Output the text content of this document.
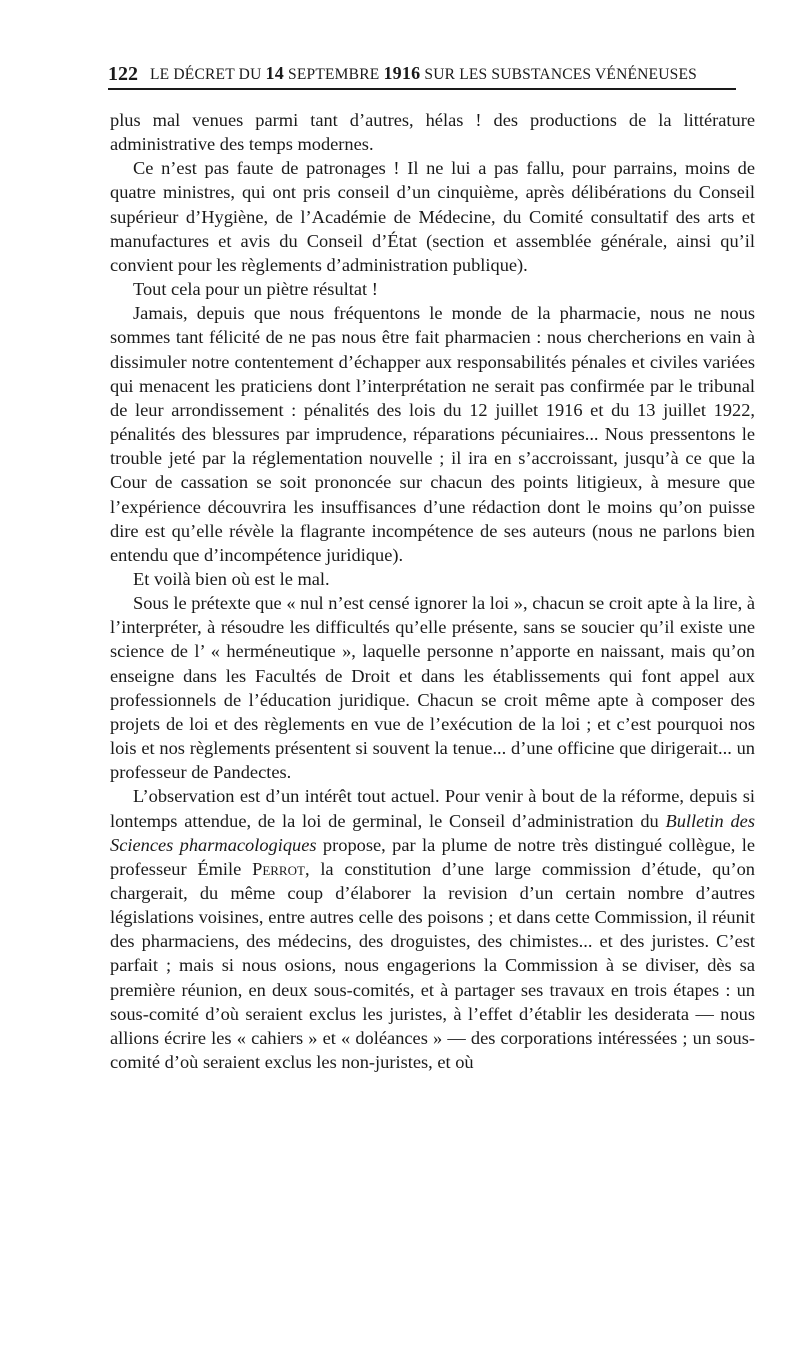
122 LE DÉCRET DU 14 SEPTEMBRE 1916 SUR LES SUBSTANCES VÉNÉNEUSES

plus mal venues parmi tant d’autres, hélas ! des productions de la littérature administrative des temps modernes.

Ce n’est pas faute de patronages ! Il ne lui a pas fallu, pour parrains, moins de quatre ministres, qui ont pris conseil d’un cinquième, après délibérations du Conseil supérieur d’Hygiène, de l’Académie de Médecine, du Comité consultatif des arts et manufactures et avis du Conseil d’État (section et assemblée générale, ainsi qu’il convient pour les règlements d’administration publique).

Tout cela pour un piètre résultat !

Jamais, depuis que nous fréquentons le monde de la pharmacie, nous ne nous sommes tant félicité de ne pas nous être fait pharmacien : nous chercherions en vain à dissimuler notre contentement d’échapper aux responsabilités pénales et civiles variées qui menacent les praticiens dont l’interprétation ne serait pas confirmée par le tribunal de leur arrondissement : pénalités des lois du 12 juillet 1916 et du 13 juillet 1922, pénalités des blessures par imprudence, réparations pécuniaires... Nous pressentons le trouble jeté par la réglementation nouvelle ; il ira en s’accroissant, jusqu’à ce que la Cour de cassation se soit prononcée sur chacun des points litigieux, à mesure que l’expérience découvrira les insuffisances d’une rédaction dont le moins qu’on puisse dire est qu’elle révèle la flagrante incompétence de ses auteurs (nous ne parlons bien entendu que d’incompétence juridique).

Et voilà bien où est le mal.

Sous le prétexte que « nul n’est censé ignorer la loi », chacun se croit apte à la lire, à l’interpréter, à résoudre les difficultés qu’elle présente, sans se soucier qu’il existe une science de l’ « herméneutique », laquelle personne n’apporte en naissant, mais qu’on enseigne dans les Facultés de Droit et dans les établissements qui font appel aux professionnels de l’éducation juridique. Chacun se croit même apte à composer des projets de loi et des règlements en vue de l’exécution de la loi ; et c’est pourquoi nos lois et nos règlements présentent si souvent la tenue... d’une officine que dirigerait... un professeur de Pandectes.

L’observation est d’un intérêt tout actuel. Pour venir à bout de la réforme, depuis si lontemps attendue, de la loi de germinal, le Conseil d’administration du Bulletin des Sciences pharmacologiques propose, par la plume de notre très distingué collègue, le professeur Émile Perrot, la constitution d’une large commission d’étude, qu’on chargerait, du même coup d’élaborer la revision d’un certain nombre d’autres législations voisines, entre autres celle des poisons ; et dans cette Commission, il réunit des pharmaciens, des médecins, des droguistes, des chimistes... et des juristes. C’est parfait ; mais si nous osions, nous engagerions la Commission à se diviser, dès sa première réunion, en deux sous-comités, et à partager ses travaux en trois étapes : un sous-comité d’où seraient exclus les juristes, à l’effet d’établir les desiderata — nous allions écrire les « cahiers » et « doléances » — des corporations intéressées ; un sous-comité d’où seraient exclus les non-juristes, et où
